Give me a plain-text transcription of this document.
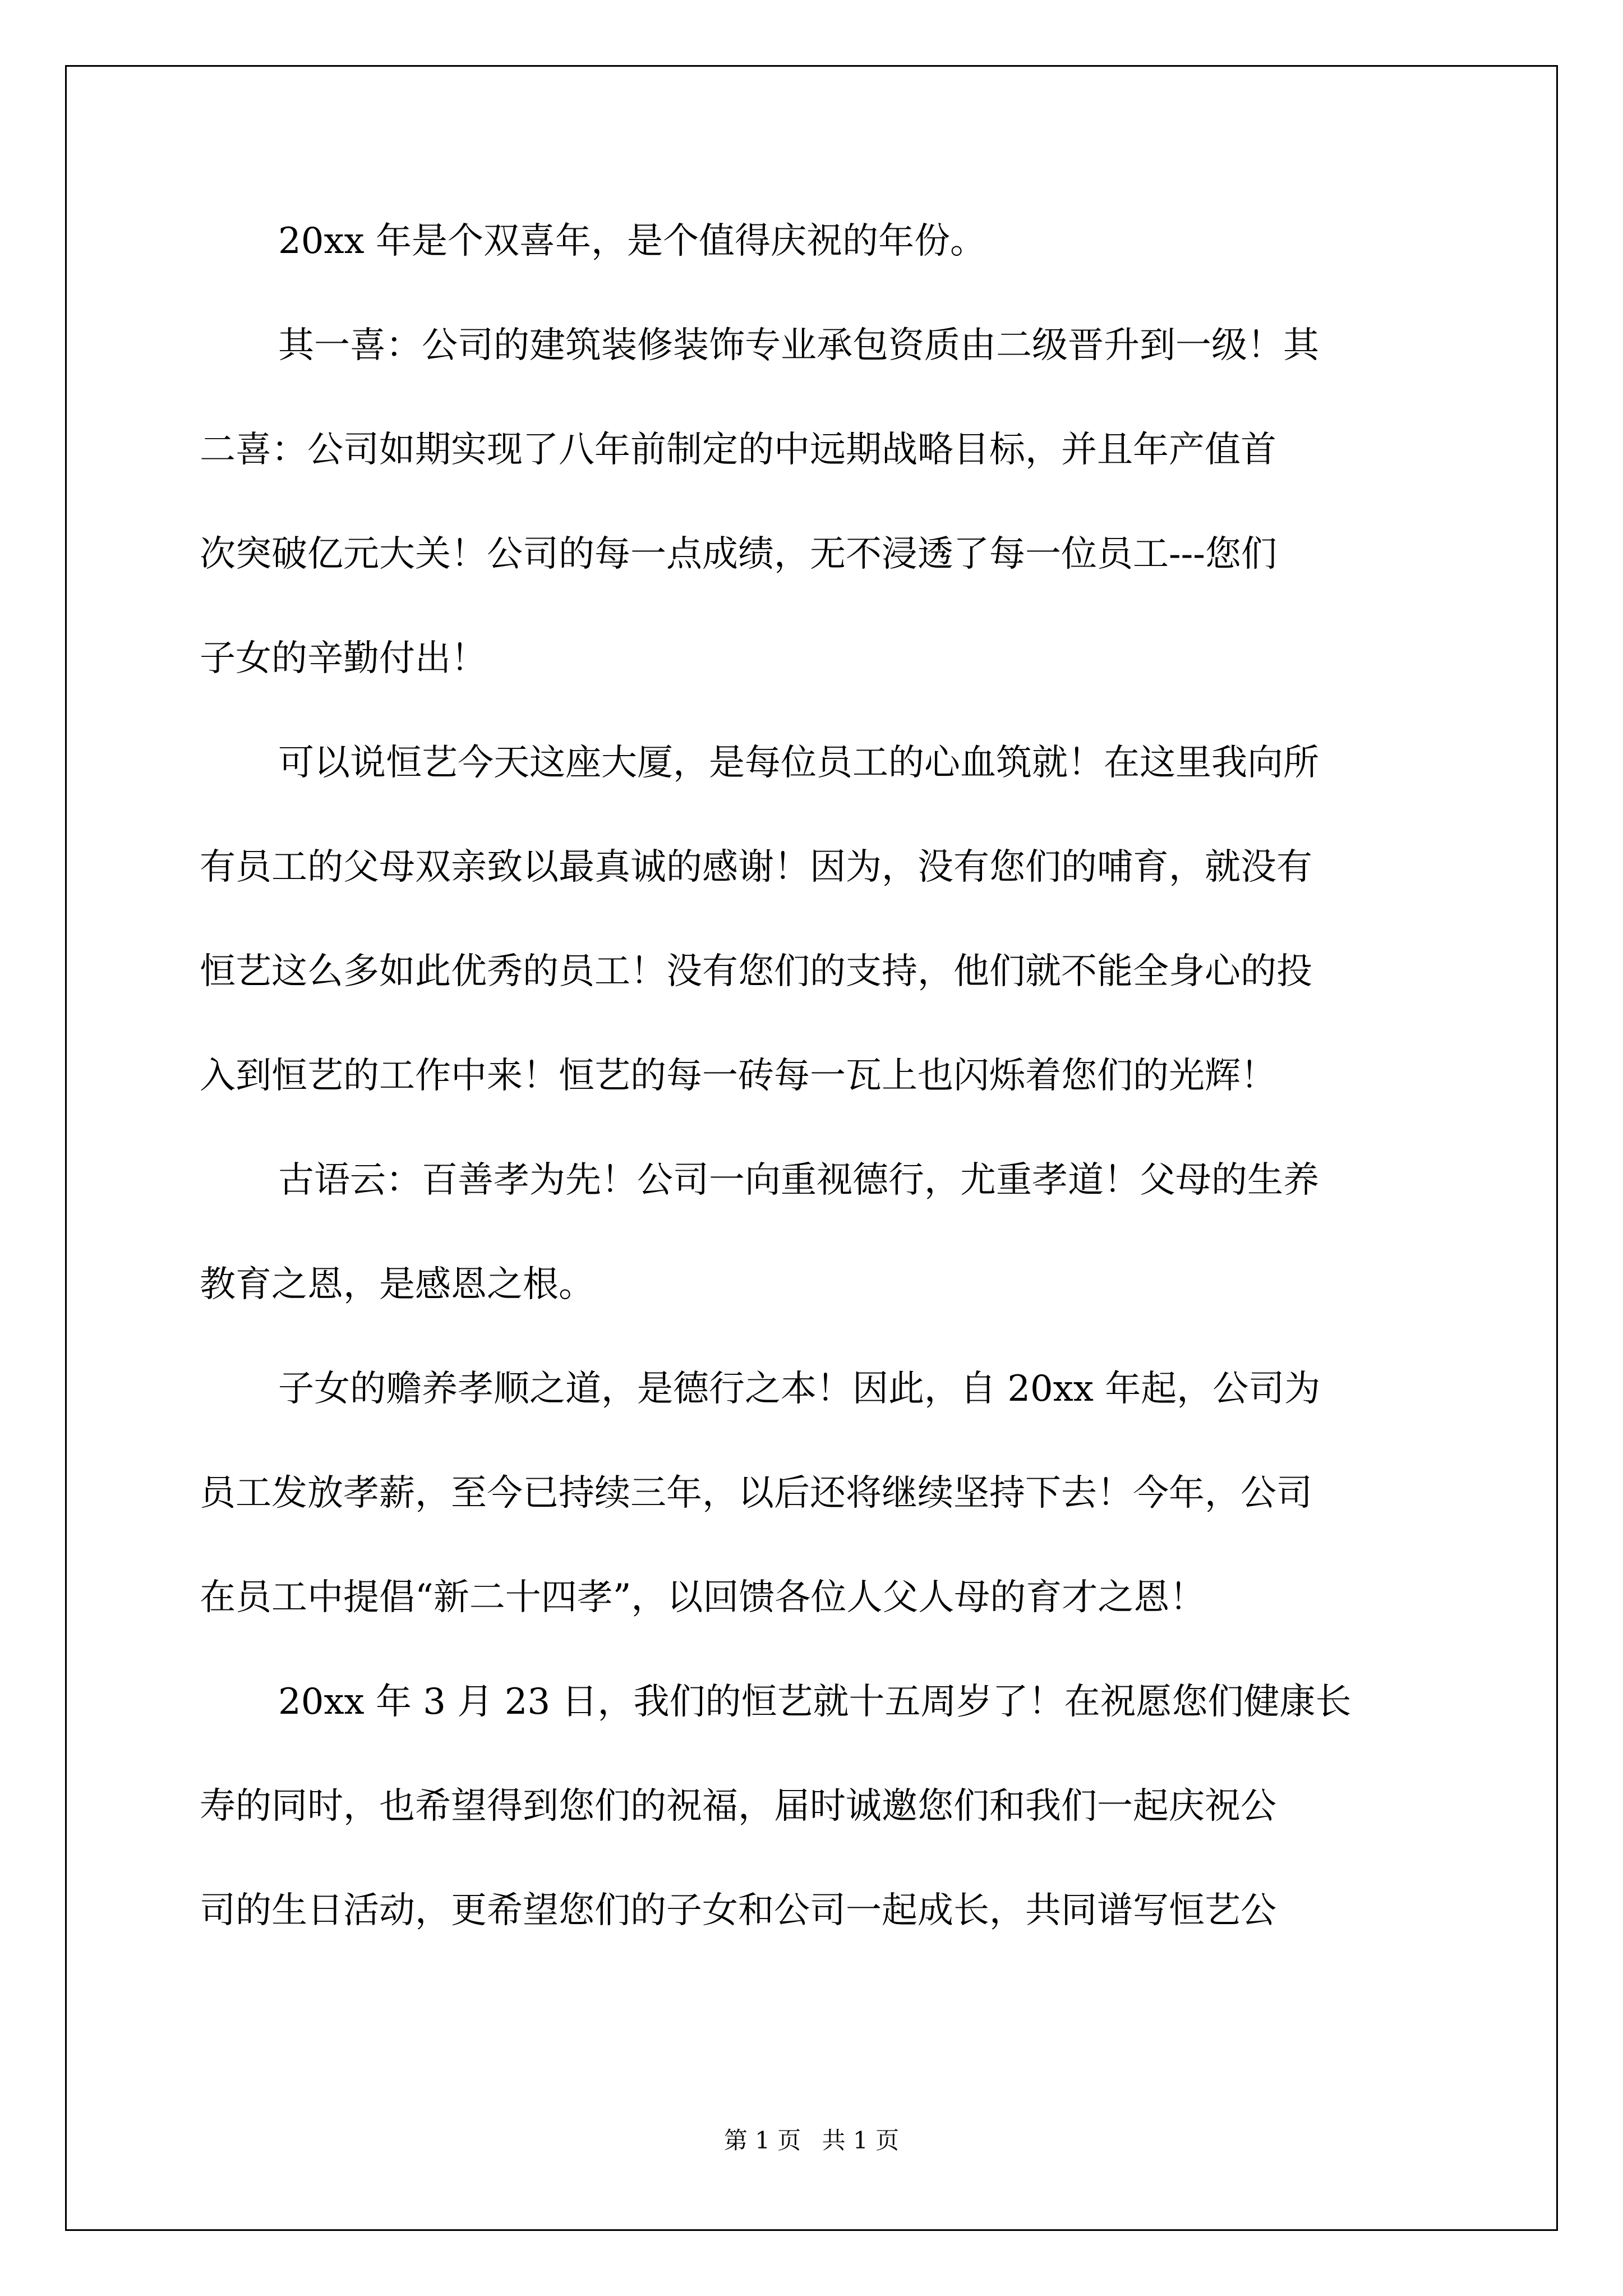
20xx 年是个双喜年，是个值得庆祝的年份。
其一喜：公司的建筑装修装饰专业承包资质由二级晋升到一级！其
二喜：公司如期实现了八年前制定的中远期战略目标，并且年产值首
次突破亿元大关！公司的每一点成绩，无不浸透了每一位员工---您们
子女的辛勤付出！
可以说恒艺今天这座大厦，是每位员工的心血筑就！在这里我向所
有员工的父母双亲致以最真诚的感谢！因为，没有您们的哺育，就没有
恒艺这么多如此优秀的员工！没有您们的支持，他们就不能全身心的投
入到恒艺的工作中来！恒艺的每一砖每一瓦上也闪烁着您们的光辉！
古语云：百善孝为先！公司一向重视德行，尤重孝道！父母的生养
教育之恩，是感恩之根。
子女的赡养孝顺之道，是德行之本！因此，自 20xx 年起，公司为
员工发放孝薪，至今已持续三年，以后还将继续坚持下去！今年，公司
在员工中提倡“新二十四孝”，以回馈各位人父人母的育才之恩！
20xx 年 3 月 23 日，我们的恒艺就十五周岁了！在祝愿您们健康长
寿的同时，也希望得到您们的祝福，届时诚邀您们和我们一起庆祝公
司的生日活动，更希望您们的子女和公司一起成长，共同谱写恒艺公
第 1 页 共 1 页
